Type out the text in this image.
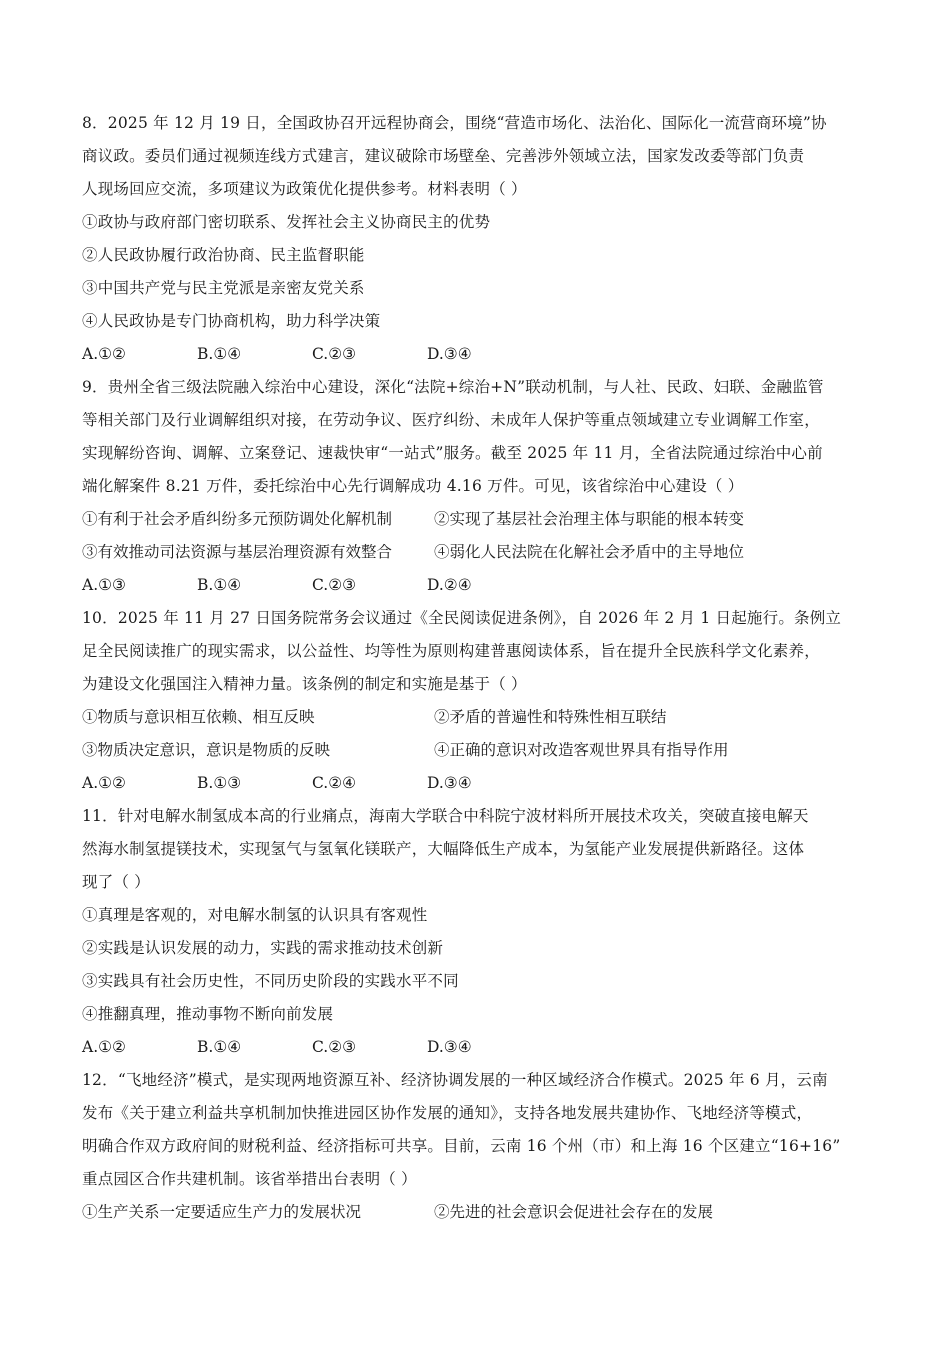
8．2025 年 12 月 19 日，全国政协召开远程协商会，围绕“营造市场化、法治化、国际化一流营商环境”协
商议政。委员们通过视频连线方式建言，建议破除市场壁垒、完善涉外领域立法，国家发改委等部门负责
人现场回应交流，多项建议为政策优化提供参考。材料表明（ ）
①政协与政府部门密切联系、发挥社会主义协商民主的优势
②人民政协履行政治协商、民主监督职能
③中国共产党与民主党派是亲密友党关系
④人民政协是专门协商机构，助力科学决策
A.①②	B.①④	C.②③	D.③④
9．贵州全省三级法院融入综治中心建设，深化“法院+综治+N”联动机制，与人社、民政、妇联、金融监管
等相关部门及行业调解组织对接，在劳动争议、医疗纠纷、未成年人保护等重点领域建立专业调解工作室，
实现解纷咨询、调解、立案登记、速裁快审“一站式”服务。截至 2025 年 11 月，全省法院通过综治中心前
端化解案件 8.21 万件，委托综治中心先行调解成功 4.16 万件。可见，该省综治中心建设（ ）
①有利于社会矛盾纠纷多元预防调处化解机制	②实现了基层社会治理主体与职能的根本转变
③有效推动司法资源与基层治理资源有效整合	④弱化人民法院在化解社会矛盾中的主导地位
A.①③	B.①④	C.②③	D.②④
10．2025 年 11 月 27 日国务院常务会议通过《全民阅读促进条例》，自 2026 年 2 月 1 日起施行。条例立
足全民阅读推广的现实需求，以公益性、均等性为原则构建普惠阅读体系，旨在提升全民族科学文化素养，
为建设文化强国注入精神力量。该条例的制定和实施是基于（ ）
①物质与意识相互依赖、相互反映	②矛盾的普遍性和特殊性相互联结
③物质决定意识，意识是物质的反映	④正确的意识对改造客观世界具有指导作用
A.①②	B.①③	C.②④	D.③④
11．针对电解水制氢成本高的行业痛点，海南大学联合中科院宁波材料所开展技术攻关，突破直接电解天
然海水制氢提镁技术，实现氢气与氢氧化镁联产，大幅降低生产成本，为氢能产业发展提供新路径。这体
现了（ ）
①真理是客观的，对电解水制氢的认识具有客观性
②实践是认识发展的动力，实践的需求推动技术创新
③实践具有社会历史性，不同历史阶段的实践水平不同
④推翻真理，推动事物不断向前发展
A.①②	B.①④	C.②③	D.③④
12．“飞地经济”模式，是实现两地资源互补、经济协调发展的一种区域经济合作模式。2025 年 6 月，云南
发布《关于建立利益共享机制加快推进园区协作发展的通知》，支持各地发展共建协作、飞地经济等模式，
明确合作双方政府间的财税利益、经济指标可共享。目前，云南 16 个州（市）和上海 16 个区建立“16+16”
重点园区合作共建机制。该省举措出台表明（ ）
①生产关系一定要适应生产力的发展状况	②先进的社会意识会促进社会存在的发展
